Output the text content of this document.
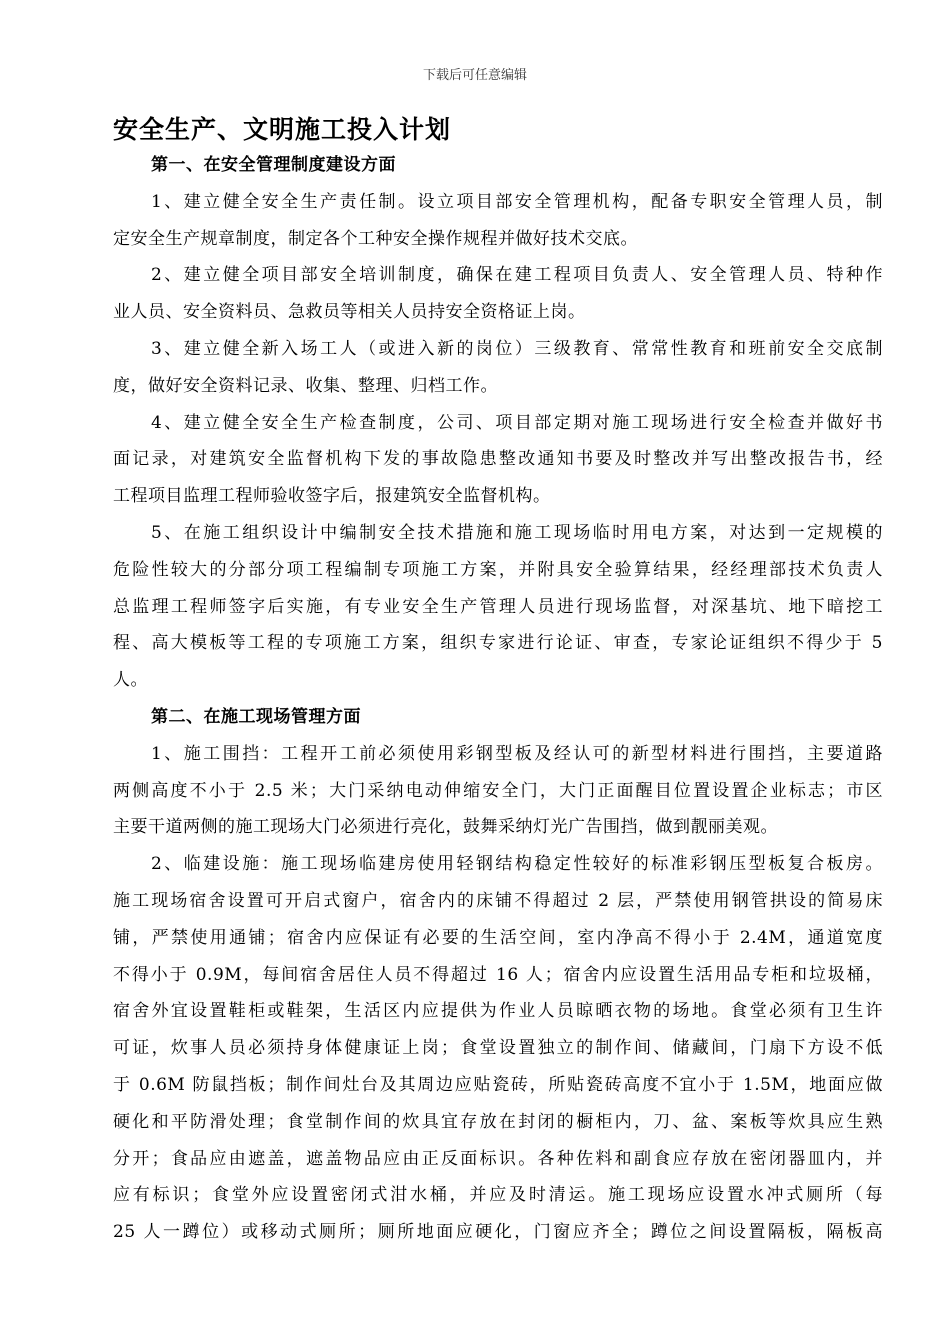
下载后可任意编辑
安全生产、文明施工投入计划
第一、在安全管理制度建设方面
1、建立健全安全生产责任制。设立项目部安全管理机构，配备专职安全管理人员，制
定安全生产规章制度，制定各个工种安全操作规程并做好技术交底。
2、建立健全项目部安全培训制度，确保在建工程项目负责人、安全管理人员、特种作
业人员、安全资料员、急救员等相关人员持安全资格证上岗。
3、建立健全新入场工人（或进入新的岗位）三级教育、常常性教育和班前安全交底制
度，做好安全资料记录、收集、整理、归档工作。
4、建立健全安全生产检查制度，公司、项目部定期对施工现场进行安全检查并做好书
面记录，对建筑安全监督机构下发的事故隐患整改通知书要及时整改并写出整改报告书，经
工程项目监理工程师验收签字后，报建筑安全监督机构。
5、在施工组织设计中编制安全技术措施和施工现场临时用电方案，对达到一定规模的
危险性较大的分部分项工程编制专项施工方案，并附具安全验算结果，经经理部技术负责人
总监理工程师签字后实施，有专业安全生产管理人员进行现场监督，对深基坑、地下暗挖工
程、高大模板等工程的专项施工方案，组织专家进行论证、审查，专家论证组织不得少于 5
人。
第二、在施工现场管理方面
1、施工围挡：工程开工前必须使用彩钢型板及经认可的新型材料进行围挡，主要道路
两侧高度不小于 2.5 米；大门采纳电动伸缩安全门，大门正面醒目位置设置企业标志；市区
主要干道两侧的施工现场大门必须进行亮化，鼓舞采纳灯光广告围挡，做到靓丽美观。
2、临建设施：施工现场临建房使用轻钢结构稳定性较好的标准彩钢压型板复合板房。
施工现场宿舍设置可开启式窗户，宿舍内的床铺不得超过 2 层，严禁使用钢管拱设的简易床
铺，严禁使用通铺；宿舍内应保证有必要的生活空间，室内净高不得小于 2.4M，通道宽度
不得小于 0.9M，每间宿舍居住人员不得超过 16 人；宿舍内应设置生活用品专柜和垃圾桶，
宿舍外宜设置鞋柜或鞋架，生活区内应提供为作业人员晾晒衣物的场地。食堂必须有卫生许
可证，炊事人员必须持身体健康证上岗；食堂设置独立的制作间、储藏间，门扇下方设不低
于 0.6M 防鼠挡板；制作间灶台及其周边应贴瓷砖，所贴瓷砖高度不宜小于 1.5M，地面应做
硬化和平防滑处理；食堂制作间的炊具宜存放在封闭的橱柜内，刀、盆、案板等炊具应生熟
分开；食品应由遮盖，遮盖物品应由正反面标识。各种佐料和副食应存放在密闭器皿内，并
应有标识；食堂外应设置密闭式泔水桶，并应及时清运。施工现场应设置水冲式厕所（每
25 人一蹲位）或移动式厕所；厕所地面应硬化，门窗应齐全；蹲位之间设置隔板，隔板高
